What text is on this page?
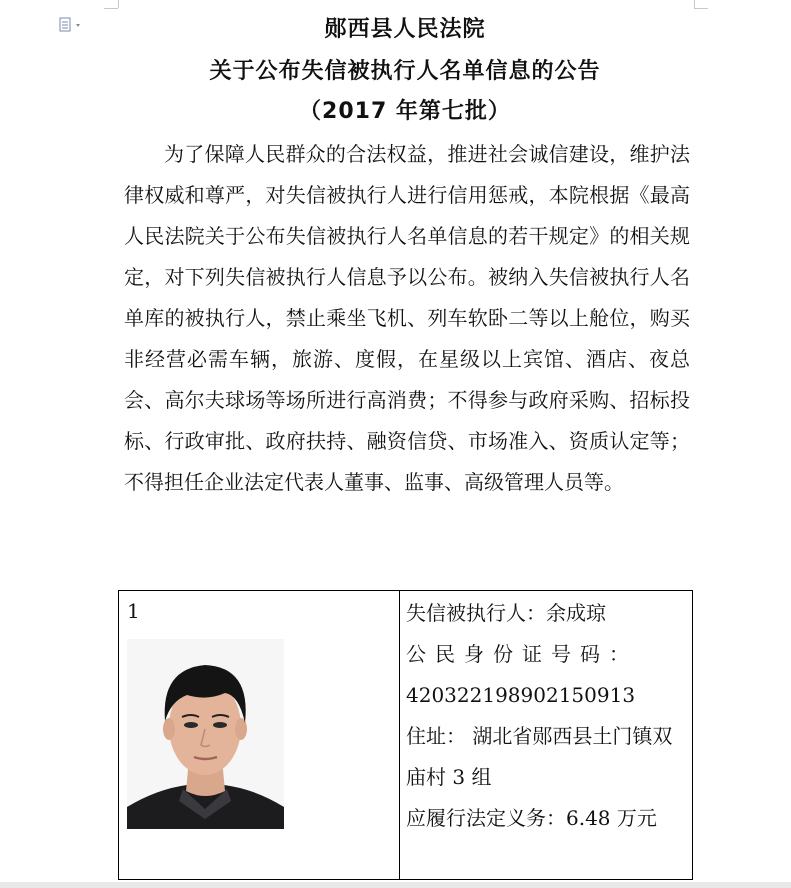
郧西县人民法院
关于公布失信被执行人名单信息的公告
（2017 年第七批）

为了保障人民群众的合法权益，推进社会诚信建设，维护法律权威和尊严，对失信被执行人进行信用惩戒，本院根据《最高人民法院关于公布失信被执行人名单信息的若干规定》的相关规定，对下列失信被执行人信息予以公布。被纳入失信被执行人名单库的被执行人，禁止乘坐飞机、列车软卧二等以上舱位，购买非经营必需车辆，旅游、度假，在星级以上宾馆、酒店、夜总会、高尔夫球场等场所进行高消费；不得参与政府采购、招标投标、行政审批、政府扶持、融资信贷、市场准入、资质认定等；不得担任企业法定代表人董事、监事、高级管理人员等。

1	失信被执行人：余成琼
公民身份证号码：
420322198902150913
住址： 湖北省郧西县土门镇双
庙村 3 组
应履行法定义务：6.48 万元
